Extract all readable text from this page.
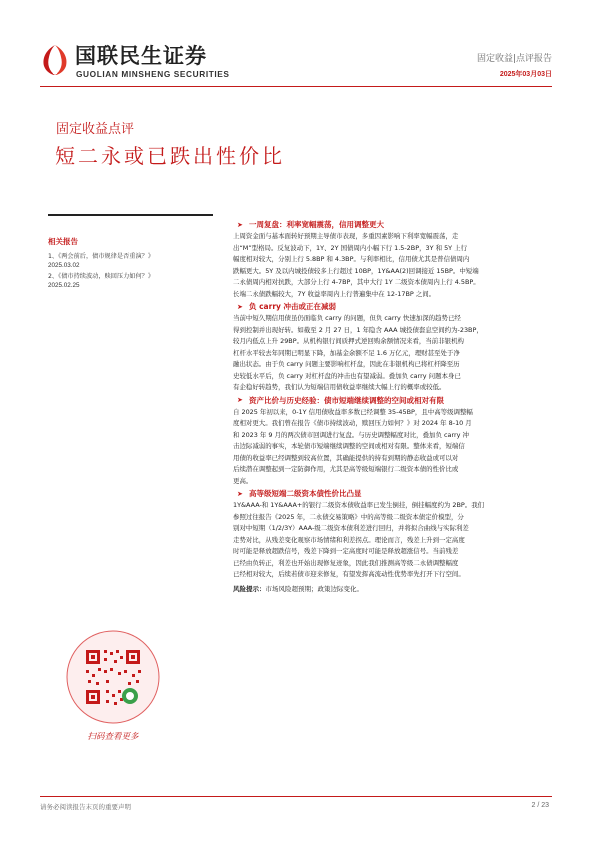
国联民生证券
GUOLIAN MINSHENG SECURITIES
固定收益|点评报告
2025年03月03日
固定收益点评
短二永或已跌出性价比
相关报告
1、《两会前后，债市规律是否重演？》
2025.03.02
2、《债市持续波动，赎回压力如何？》
2025.02.25
扫码查看更多
➤ 一周复盘：利率宽幅震荡，信用调整更大
上周资金面与基本面转好预期主导债市表现，多重因素影响下利率宽幅震荡，走
出“M”型格局。反复波动下，1Y、2Y 国债周内小幅下行 1.5-2BP，3Y 和 5Y 上行
幅度相对较大，分别上行 5.8BP 和 4.3BP。与利率相比，信用债尤其是普信债周内
跌幅更大。5Y 及以内城投债较多上行超过 10BP，1Y&AA(2)回调接近 15BP。中短端
二永债周内相对抗跌，大部分上行 4-7BP，其中大行 1Y 二级资本债周内上行 4.5BP。
长端二永债跌幅较大，7Y 收益率周内上行普遍集中在 12-17BP 之间。
➤ 负 carry 冲击或正在减弱
当前中短久期信用债虽仍面临负 carry 的问题，但负 carry 快速加深的趋势已经
得到控制并出现好转。如截至 2 月 27 日，1 年隐含 AAA 城投债套息空间约为-23BP，
较月内低点上升 29BP。从机构银行间质押式逆回购余额情况来看，当前非银机构
杠杆水平较去年同期已明显下降，加基金余额不足 1.6 万亿元，理财甚至处于净
融出状态。由于负 carry 问题主要影响杠杆盘，因此在非银机构已将杠杆降至历
史较低水平后，负 carry 对杠杆盘的冲击也有望减弱。叠加负 carry 问题本身已
有企稳好转趋势，我们认为短端信用债收益率继续大幅上行的概率或较低。
➤ 资产比价与历史经验：债市短端继续调整的空间或相对有限
自 2025 年初以来，0-1Y 信用债收益率多数已经调整 35-45BP，且中高等级调整幅
度相对更大。我们曾在报告《债市持续波动，赎回压力如何？》对 2024 年 8-10 月
和 2023 年 9 月的两次债市回调进行复盘。与历史调整幅度对比，叠加负 carry 冲
击边际减弱的事实，本轮债市短端继续调整的空间或相对有限。整体来看，短端信
用债的收益率已经调整到较高位置，其确能提供的持有到期的静态收益或可以对
后续潜在调整起到一定防御作用，尤其是高等级短端银行二级资本债的性价比或
更高。
➤ 高等级短端二级资本债性价比凸显
1Y&AAA-和 1Y&AAA+的银行二级资本债收益率已发生倒挂，倒挂幅度约为 2BP。我们
参照过往报告《2025 年，二永债交易策略》中的高等级二级资本债定价模型，分
别对中短期（1/2/3Y）AAA-级二级资本债利差进行回归，并将拟合曲线与实际利差
走势对比，从残差变化观察市场情绪和利差拐点。理论而言，残差上升到一定高度
时可能是释放超跌信号，残差下降到一定高度时可能是释放超涨信号。当前残差
已经由负转正，利差也开始出现修复迹象，因此我们推测高等级二永债调整幅度
已经相对较大，后续若债市迎来修复，有望发挥高流动性优势率先打开下行空间。
风险提示：市场风险超预期；政策边际变化。
请务必阅读报告末页的重要声明	2 / 23
